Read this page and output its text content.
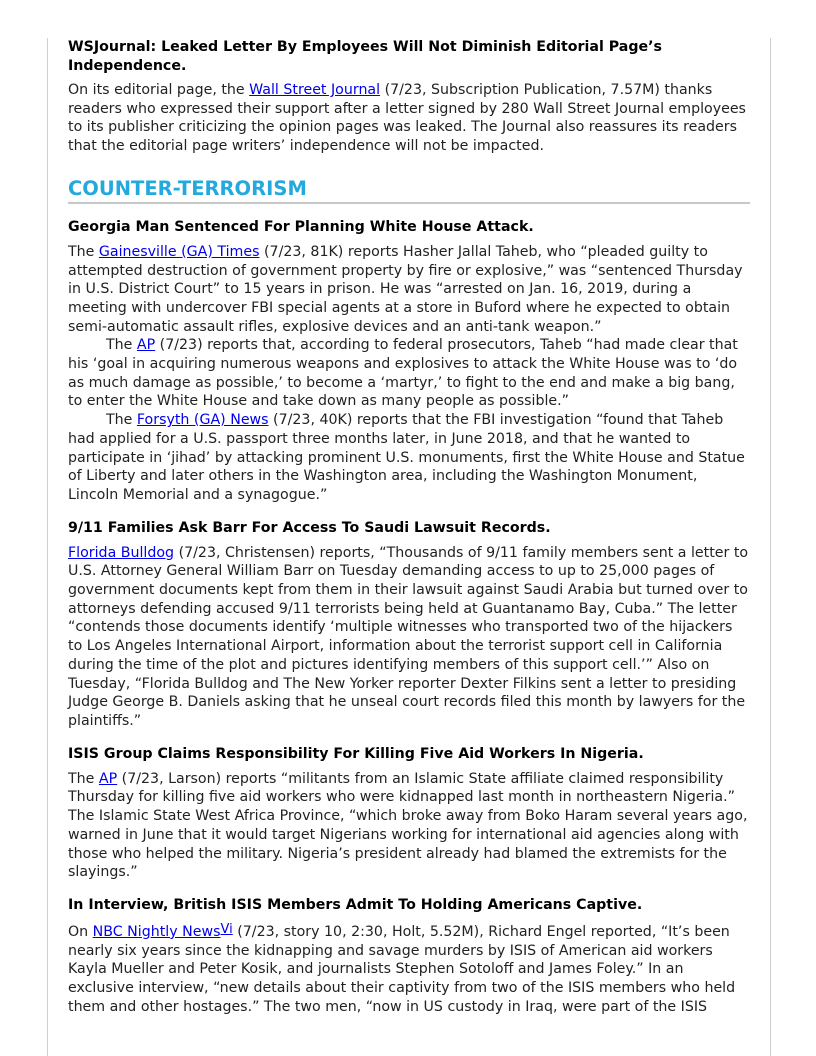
WSJournal: Leaked Letter By Employees Will Not Diminish Editorial Page’s Independence.

On its editorial page, the Wall Street Journal (7/23, Subscription Publication, 7.57M) thanks readers who expressed their support after a letter signed by 280 Wall Street Journal employees to its publisher criticizing the opinion pages was leaked. The Journal also reassures its readers that the editorial page writers’ independence will not be impacted.

COUNTER-TERRORISM
Georgia Man Sentenced For Planning White House Attack.

The Gainesville (GA) Times (7/23, 81K) reports Hasher Jallal Taheb, who “pleaded guilty to attempted destruction of government property by fire or explosive,” was “sentenced Thursday in U.S. District Court” to 15 years in prison. He was “arrested on Jan. 16, 2019, during a meeting with undercover FBI special agents at a store in Buford where he expected to obtain semi-automatic assault rifles, explosive devices and an anti-tank weapon.”

The AP (7/23) reports that, according to federal prosecutors, Taheb “had made clear that his ‘goal in acquiring numerous weapons and explosives to attack the White House was to ‘do as much damage as possible,’ to become a ‘martyr,’ to fight to the end and make a big bang, to enter the White House and take down as many people as possible.”

The Forsyth (GA) News (7/23, 40K) reports that the FBI investigation “found that Taheb had applied for a U.S. passport three months later, in June 2018, and that he wanted to participate in ‘jihad’ by attacking prominent U.S. monuments, first the White House and Statue of Liberty and later others in the Washington area, including the Washington Monument, Lincoln Memorial and a synagogue.”

9/11 Families Ask Barr For Access To Saudi Lawsuit Records.

Florida Bulldog (7/23, Christensen) reports, “Thousands of 9/11 family members sent a letter to U.S. Attorney General William Barr on Tuesday demanding access to up to 25,000 pages of government documents kept from them in their lawsuit against Saudi Arabia but turned over to attorneys defending accused 9/11 terrorists being held at Guantanamo Bay, Cuba.” The letter “contends those documents identify ‘multiple witnesses who transported two of the hijackers to Los Angeles International Airport, information about the terrorist support cell in California during the time of the plot and pictures identifying members of this support cell.’” Also on Tuesday, “Florida Bulldog and The New Yorker reporter Dexter Filkins sent a letter to presiding Judge George B. Daniels asking that he unseal court records filed this month by lawyers for the plaintiffs.”

ISIS Group Claims Responsibility For Killing Five Aid Workers In Nigeria.

The AP (7/23, Larson) reports “militants from an Islamic State affiliate claimed responsibility Thursday for killing five aid workers who were kidnapped last month in northeastern Nigeria.” The Islamic State West Africa Province, “which broke away from Boko Haram several years ago, warned in June that it would target Nigerians working for international aid agencies along with those who helped the military. Nigeria’s president already had blamed the extremists for the slayings.”

In Interview, British ISIS Members Admit To Holding Americans Captive.

On NBC Nightly NewsVi (7/23, story 10, 2:30, Holt, 5.52M), Richard Engel reported, “It’s been nearly six years since the kidnapping and savage murders by ISIS of American aid workers Kayla Mueller and Peter Kosik, and journalists Stephen Sotoloff and James Foley.” In an exclusive interview, “new details about their captivity from two of the ISIS members who held them and other hostages.” The two men, “now in US custody in Iraq, were part of the ISIS
